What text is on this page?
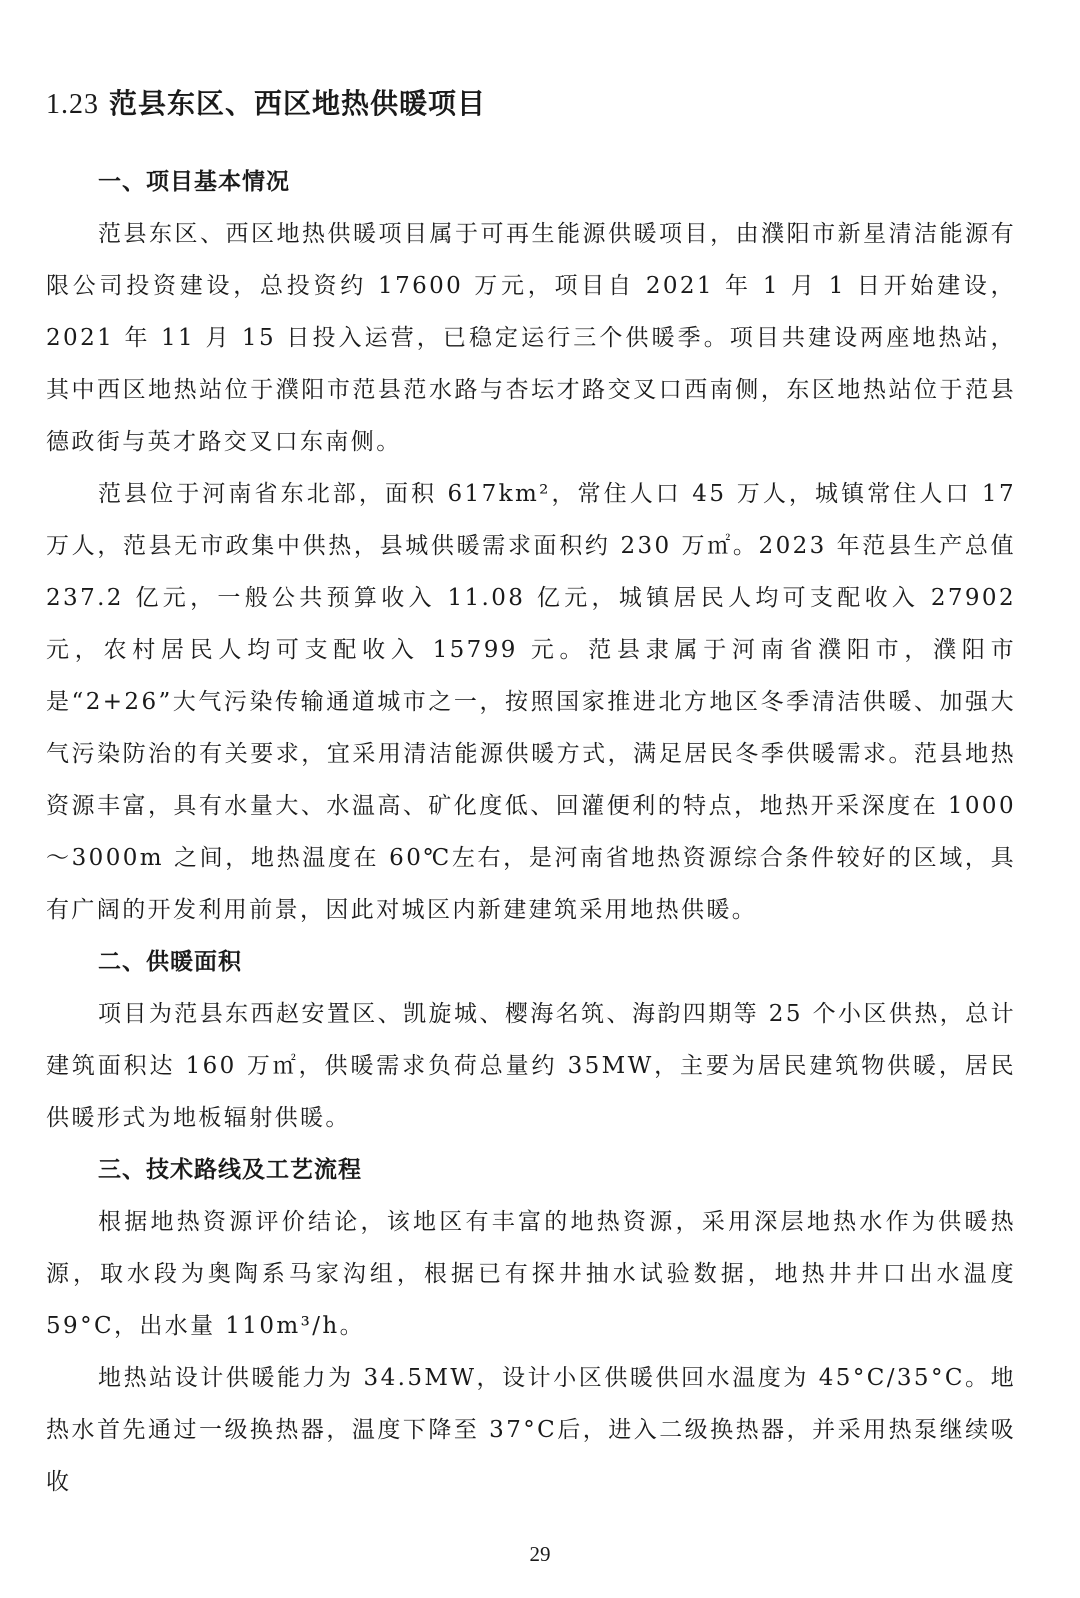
1.23 范县东区、西区地热供暖项目
一、项目基本情况

范县东区、西区地热供暖项目属于可再生能源供暖项目，由濮阳市新星清洁能源有限公司投资建设，总投资约 17600 万元，项目自 2021 年 1 月 1 日开始建设，2021 年 11 月 15 日投入运营，已稳定运行三个供暖季。项目共建设两座地热站，其中西区地热站位于濮阳市范县范水路与杏坛才路交叉口西南侧，东区地热站位于范县德政街与英才路交叉口东南侧。

范县位于河南省东北部，面积 617km²，常住人口 45 万人，城镇常住人口 17 万人，范县无市政集中供热，县城供暖需求面积约 230 万㎡。2023 年范县生产总值 237.2 亿元，一般公共预算收入 11.08 亿元，城镇居民人均可支配收入 27902 元，农村居民人均可支配收入 15799 元。范县隶属于河南省濮阳市，濮阳市是“2+26”大气污染传输通道城市之一，按照国家推进北方地区冬季清洁供暖、加强大气污染防治的有关要求，宜采用清洁能源供暖方式，满足居民冬季供暖需求。范县地热资源丰富，具有水量大、水温高、矿化度低、回灌便利的特点，地热开采深度在 1000～3000m 之间，地热温度在 60℃左右，是河南省地热资源综合条件较好的区域，具有广阔的开发利用前景，因此对城区内新建建筑采用地热供暖。

二、供暖面积

项目为范县东西赵安置区、凯旋城、樱海名筑、海韵四期等 25 个小区供热，总计建筑面积达 160 万㎡，供暖需求负荷总量约 35MW，主要为居民建筑物供暖，居民供暖形式为地板辐射供暖。

三、技术路线及工艺流程

根据地热资源评价结论，该地区有丰富的地热资源，采用深层地热水作为供暖热源，取水段为奥陶系马家沟组，根据已有探井抽水试验数据，地热井井口出水温度 59°C，出水量 110m³/h。

地热站设计供暖能力为 34.5MW，设计小区供暖供回水温度为 45°C/35°C。地热水首先通过一级换热器，温度下降至 37°C后，进入二级换热器，并采用热泵继续吸收

29
